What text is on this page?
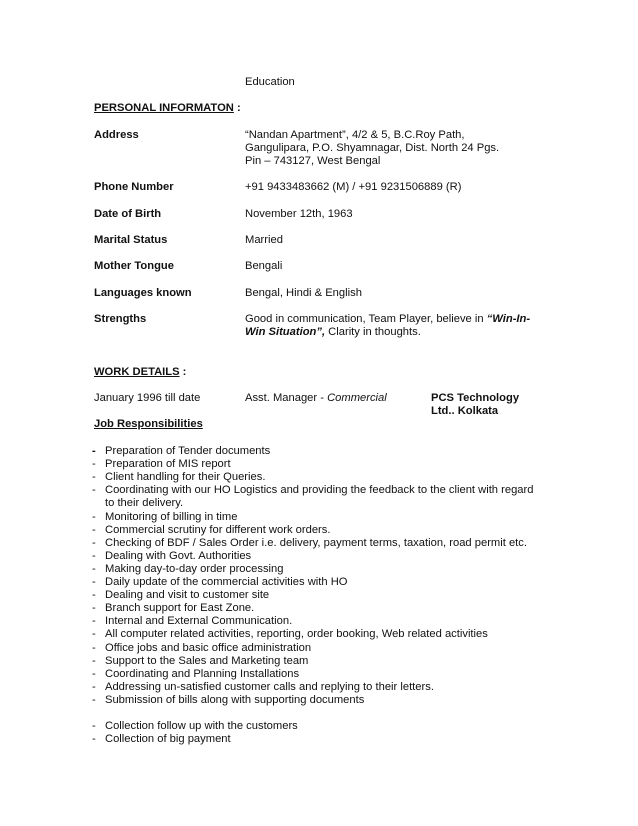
Education
PERSONAL INFORMATON :
Address	“Nandan Apartment”, 4/2 & 5, B.C.Roy Path,
Gangulipara, P.O. Shyamnagar, Dist. North 24 Pgs.
Pin – 743127, West Bengal
Phone Number	+91 9433483662 (M) / +91 9231506889 (R)
Date of Birth	November 12th, 1963
Marital Status	Married
Mother Tongue	Bengali
Languages known	Bengal, Hindi & English
Strengths	Good in communication, Team Player, believe in “Win-In-
Win Situation”, Clarity in thoughts.
WORK DETAILS :
January 1996 till date	Asst. Manager - Commercial	PCS Technology
Ltd.. Kolkata
Job Responsibilities
- Preparation of Tender documents
- Preparation of MIS report
- Client handling for their Queries.
- Coordinating with our HO Logistics and providing the feedback to the client with regard
to their delivery.
- Monitoring of billing in time
- Commercial scrutiny for different work orders.
- Checking of BDF / Sales Order i.e. delivery, payment terms, taxation, road permit etc.
- Dealing with Govt. Authorities
- Making day-to-day order processing
- Daily update of the commercial activities with HO
- Dealing and visit to customer site
- Branch support for East Zone.
- Internal and External Communication.
- All computer related activities, reporting, order booking, Web related activities
- Office jobs and basic office administration
- Support to the Sales and Marketing team
- Coordinating and Planning Installations
- Addressing un-satisfied customer calls and replying to their letters.
- Submission of bills along with supporting documents
- Collection follow up with the customers
- Collection of big payment
